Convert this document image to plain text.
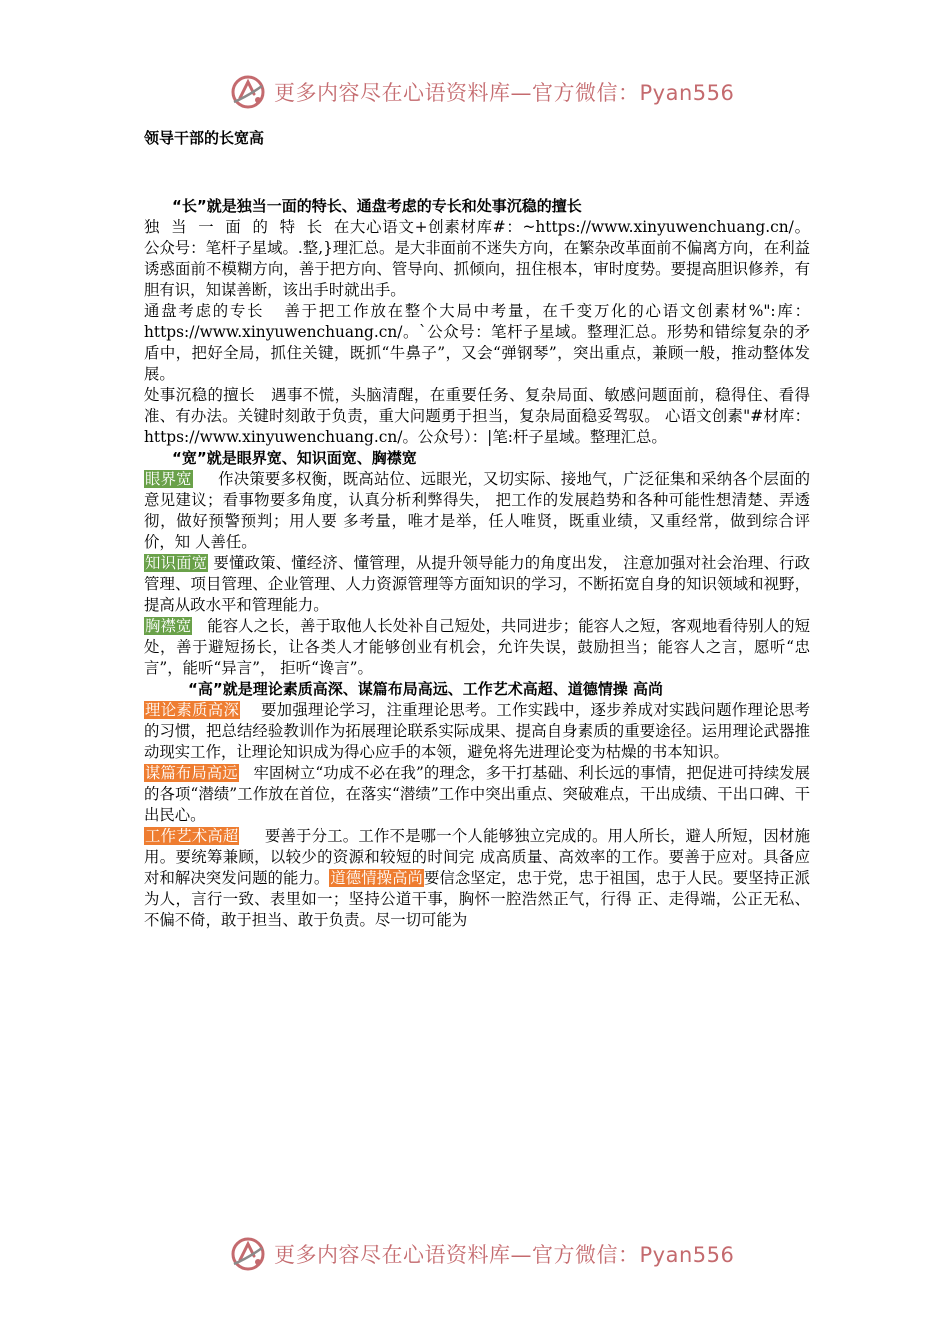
更多内容尽在心语资料库—官方微信：Pyan556
领导干部的长宽高
“长”就是独当一面的特长、通盘考虑的专长和处事沉稳的擅长

独当一面的特长在大心语文+创素材库#：~https://www.xinyuwenchuang.cn/。公众号：笔杆子星域。.整,}理汇总。是大非面前不迷失方向，在繁杂改革面前不偏离方向，在利益诱惑面前不模糊方向，善于把方向、管导向、抓倾向，扭住根本，审时度势。要提高胆识修养，有胆有识，知谋善断，该出手时就出手。

通盘考虑的专长 善于把工作放在整个大局中考量，在千变万化的心语文创素材%":库：https://www.xinyuwenchuang.cn/。`公众号：笔杆子星域。整理汇总。形势和错综复杂的矛盾中，把好全局，抓住关键，既抓“牛鼻子”，又会“弹钢琴”，突出重点，兼顾一般，推动整体发展。

处事沉稳的擅长 遇事不慌，头脑清醒，在重要任务、复杂局面、敏感问题面前，稳得住、看得准、有办法。关键时刻敢于负责，重大问题勇于担当，复杂局面稳妥驾驭。 心语文创素"#材库：https://www.xinyuwenchuang.cn/。公众号）：|笔:杆子星域。整理汇总。

“宽”就是眼界宽、知识面宽、胸襟宽

眼界宽 作决策要多权衡，既高站位、远眼光，又切实际、接地气，广泛征集和采纳各个层面的意见建议；看事物要多角度，认真分析利弊得失， 把工作的发展趋势和各种可能性想清楚、弄透彻，做好预警预判；用人要 多考量，唯才是举，任人唯贤，既重业绩，又重经常，做到综合评价，知 人善任。

知识面宽 要懂政策、懂经济、懂管理，从提升领导能力的角度出发， 注意加强对社会治理、行政管理、项目管理、企业管理、人力资源管理等方面知识的学习，不断拓宽自身的知识领域和视野，提高从政水平和管理能力。

胸襟宽 能容人之长，善于取他人长处补自己短处，共同进步；能容人之短，客观地看待别人的短处，善于避短扬长，让各类人才能够创业有机会，允许失误，鼓励担当；能容人之言，愿听“忠言”，能听“异言”， 拒听“谗言”。

“高”就是理论素质高深、谋篇布局高远、工作艺术高超、道德情操 高尚

理论素质高深 要加强理论学习，注重理论思考。工作实践中，逐步养成对实践问题作理论思考的习惯，把总结经验教训作为拓展理论联系实际成果、提高自身素质的重要途径。运用理论武器推动现实工作，让理论知识成为得心应手的本领，避免将先进理论变为枯燥的书本知识。

谋篇布局高远 牢固树立“功成不必在我”的理念，多干打基础、利长远的事情，把促进可持续发展的各项“潜绩”工作放在首位，在落实“潜绩”工作中突出重点、突破难点，干出成绩、干出口碑、干出民心。

工作艺术高超 要善于分工。工作不是哪一个人能够独立完成的。用人所长，避人所短，因材施用。要统筹兼顾，以较少的资源和较短的时间完 成高质量、高效率的工作。要善于应对。具备应对和解决突发问题的能力。道德情操高尚要信念坚定，忠于党，忠于祖国，忠于人民。要坚持正派为人，言行一致、表里如一；坚持公道干事，胸怀一腔浩然正气，行得 正、走得端，公正无私、不偏不倚，敢于担当、敢于负责。尽一切可能为

更多内容尽在心语资料库—官方微信：Pyan556
